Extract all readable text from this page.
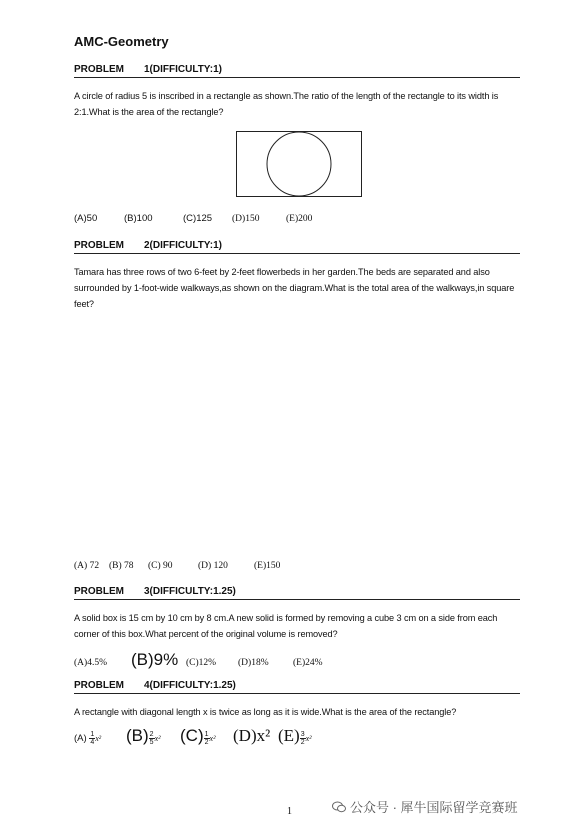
AMC-Geometry
PROBLEM 1(DIFFICULTY:1)
A circle of radius 5 is inscribed in a rectangle as shown.The ratio of the length of the rectangle to its width is 2:1.What is the area of the rectangle?
(A)50	(B)100	(C)125 (D)150	(E)200
PROBLEM 2(DIFFICULTY:1)
Tamara has three rows of two 6-feet by 2-feet flowerbeds in her garden.The beds are separated and also surrounded by 1-foot-wide walkways,as shown on the diagram.What is the total area of the walkways,in square feet?
(A) 72 (B) 78 (C) 90	(D) 120	(E)150
PROBLEM 3(DIFFICULTY:1.25)
A solid box is 15 cm by 10 cm by 8 cm.A new solid is formed by removing a cube 3 cm on a side from each corner of this box.What percent of the original volume is removed?
(A)4.5% (B)9% (C)12% (D)18%	(E)24%
PROBLEM 4(DIFFICULTY:1.25)
A rectangle with diagonal length x is twice as long as it is wide.What is the area of the rectangle?
$(A) \frac{1}{4} x^2$ $(B) \frac{2}{5} x^2$ $(C) \frac{1}{2} x^2$ (D)x² $(E) \frac{3}{2} x^2$
1	公众号 · 犀牛国际留学竞赛班
